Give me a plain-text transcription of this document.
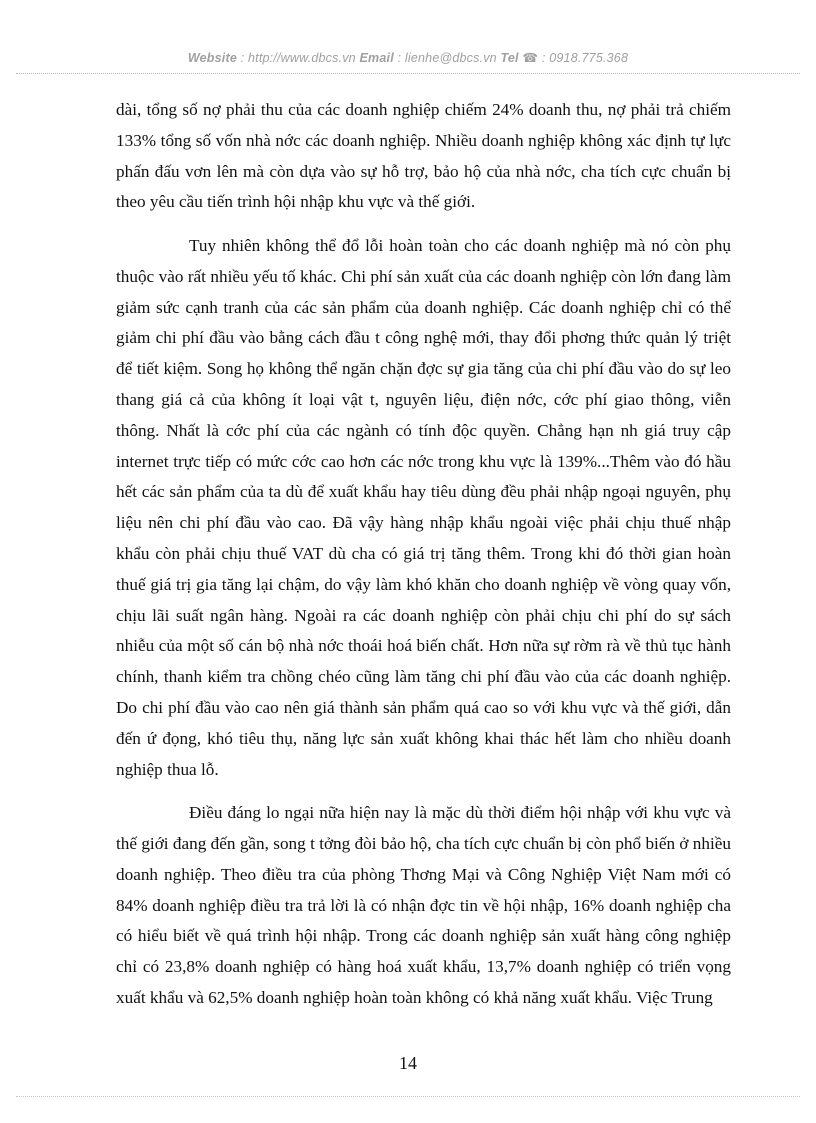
Website : http://www.dbcs.vn Email : lienhe@dbcs.vn Tel ☎ : 0918.775.368

dài, tổng số nợ phải thu của các doanh nghiệp chiếm 24% doanh thu, nợ phải trả chiếm 133% tổng số vốn nhà nớc các doanh nghiệp. Nhiều doanh nghiệp không xác định tự lực phấn đấu vơn lên mà còn dựa vào sự hỗ trợ, bảo hộ của nhà nớc, cha tích cực chuẩn bị theo yêu cầu tiến trình hội nhập khu vực và thế giới.

Tuy nhiên không thể đổ lỗi hoàn toàn cho các doanh nghiệp mà nó còn phụ thuộc vào rất nhiều yếu tố khác. Chi phí sản xuất của các doanh nghiệp còn lớn đang làm giảm sức cạnh tranh của các sản phẩm của doanh nghiệp. Các doanh nghiệp chỉ có thể giảm chi phí đầu vào bằng cách đầu t công nghệ mới, thay đổi phơng thức quản lý triệt để tiết kiệm. Song họ không thể ngăn chặn đợc sự gia tăng của chi phí đầu vào do sự leo thang giá cả của không ít loại vật t, nguyên liệu, điện nớc, cớc phí giao thông, viễn thông. Nhất là cớc phí của các ngành có tính độc quyền. Chẳng hạn nh giá truy cập internet trực tiếp có mức cớc cao hơn các nớc trong khu vực là 139%...Thêm vào đó hầu hết các sản phẩm của ta dù để xuất khẩu hay tiêu dùng đều phải nhập ngoại nguyên, phụ liệu nên chi phí đầu vào cao. Đã vậy hàng nhập khẩu ngoài việc phải chịu thuế nhập khẩu còn phải chịu thuế VAT dù cha có giá trị tăng thêm. Trong khi đó thời gian hoàn thuế giá trị gia tăng lại chậm, do vậy làm khó khăn cho doanh nghiệp về vòng quay vốn, chịu lãi suất ngân hàng. Ngoài ra các doanh nghiệp còn phải chịu chi phí do sự sách nhiễu của một số cán bộ nhà nớc thoái hoá biến chất. Hơn nữa sự rờm rà về thủ tục hành chính, thanh kiểm tra chồng chéo cũng làm tăng chi phí đầu vào của các doanh nghiệp. Do chi phí đầu vào cao nên giá thành sản phẩm quá cao so với khu vực và thế giới, dẫn đến ứ đọng, khó tiêu thụ, năng lực sản xuất không khai thác hết làm cho nhiều doanh nghiệp thua lỗ.

Điều đáng lo ngại nữa hiện nay là mặc dù thời điểm hội nhập với khu vực và thế giới đang đến gần, song t tởng đòi bảo hộ, cha tích cực chuẩn bị còn phổ biến ở nhiều doanh nghiệp. Theo điều tra của phòng Thơng Mại và Công Nghiệp Việt Nam mới có 84% doanh nghiệp điều tra trả lời là có nhận đợc tin về hội nhập, 16% doanh nghiệp cha có hiểu biết về quá trình hội nhập. Trong các doanh nghiệp sản xuất hàng công nghiệp chỉ có 23,8% doanh nghiệp có hàng hoá xuất khẩu, 13,7% doanh nghiệp có triển vọng xuất khẩu và 62,5% doanh nghiệp hoàn toàn không có khả năng xuất khẩu. Việc Trung

14
